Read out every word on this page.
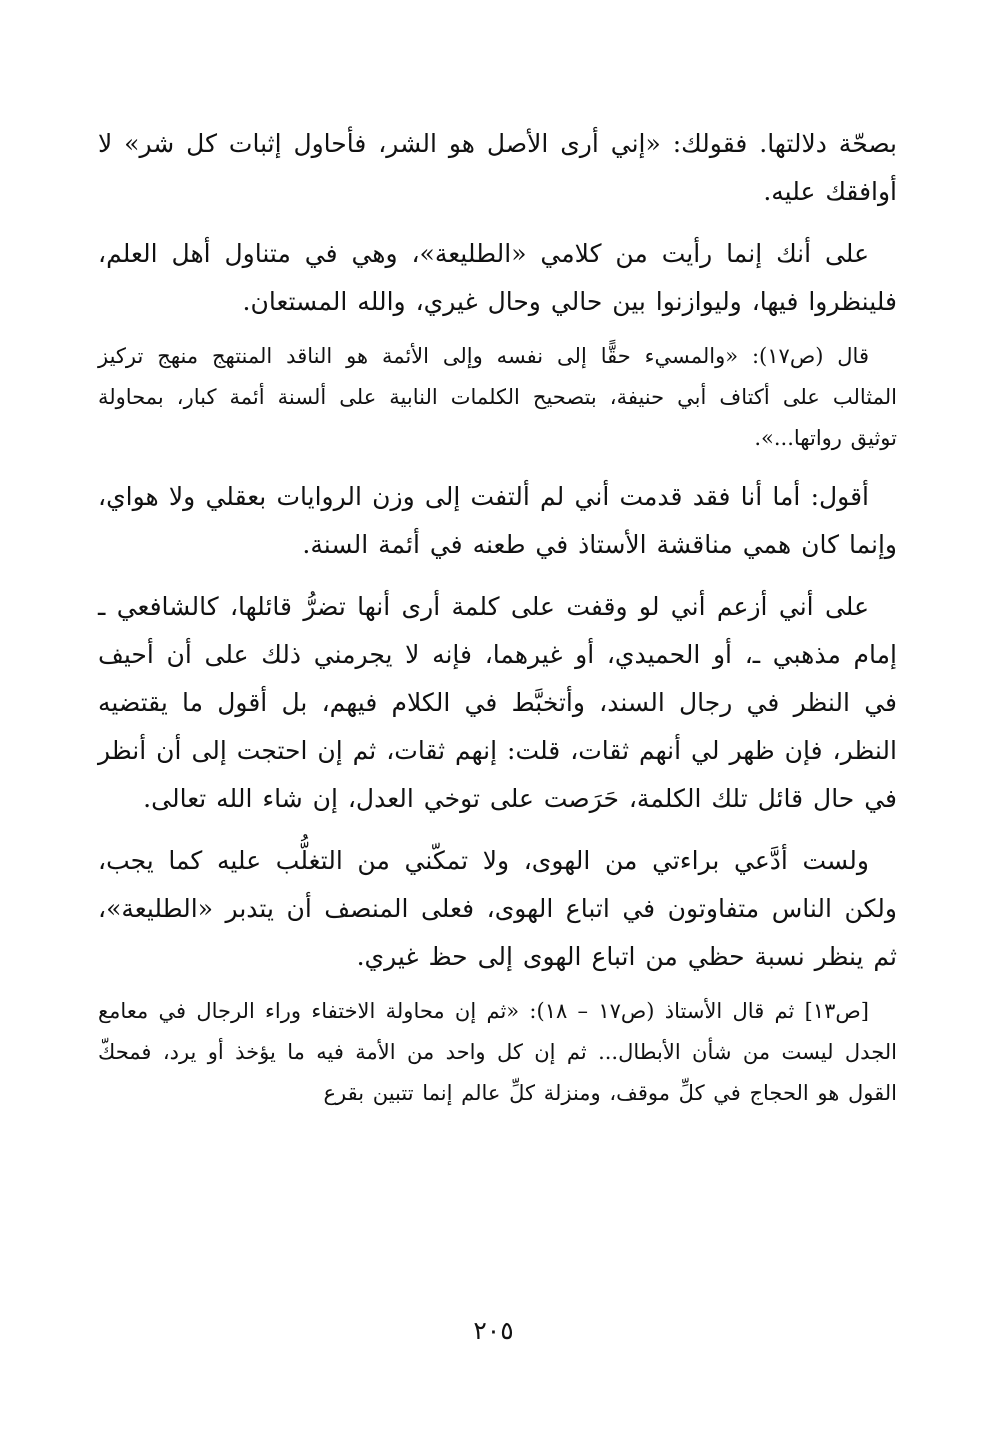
بصحّة دلالتها. فقولك: «إني أرى الأصل هو الشر، فأحاول إثبات كل شر» لا أوافقك عليه.

على أنك إنما رأيت من كلامي «الطليعة»، وهي في متناول أهل العلم، فلينظروا فيها، وليوازنوا بين حالي وحال غيري، والله المستعان.

قال (ص١٧): «والمسيء حقًّا إلى نفسه وإلى الأئمة هو الناقد المنتهج منهج تركيز المثالب على أكتاف أبي حنيفة، بتصحيح الكلمات النابية على ألسنة أئمة كبار، بمحاولة توثيق رواتها...».

أقول: أما أنا فقد قدمت أني لم ألتفت إلى وزن الروايات بعقلي ولا هواي، وإنما كان همي مناقشة الأستاذ في طعنه في أئمة السنة.

على أني أزعم أني لو وقفت على كلمة أرى أنها تضرُّ قائلها، كالشافعي ـ إمام مذهبي ـ، أو الحميدي، أو غيرهما، فإنه لا يجرمني ذلك على أن أحيف في النظر في رجال السند، وأتخبَّط في الكلام فيهم، بل أقول ما يقتضيه النظر، فإن ظهر لي أنهم ثقات، قلت: إنهم ثقات، ثم إن احتجت إلى أن أنظر في حال قائل تلك الكلمة، حَرَصت على توخي العدل، إن شاء الله تعالى.

ولست أدَّعي براءتي من الهوى، ولا تمكّني من التغلُّب عليه كما يجب، ولكن الناس متفاوتون في اتباع الهوى، فعلى المنصف أن يتدبر «الطليعة»، ثم ينظر نسبة حظي من اتباع الهوى إلى حظ غيري.

[ص١٣] ثم قال الأستاذ (ص١٧ – ١٨): «ثم إن محاولة الاختفاء وراء الرجال في معامع الجدل ليست من شأن الأبطال... ثم إن كل واحد من الأمة فيه ما يؤخذ أو يرد، فمحكّ القول هو الحجاج في كلِّ موقف، ومنزلة كلِّ عالم إنما تتبين بقرع

٢٠٥
